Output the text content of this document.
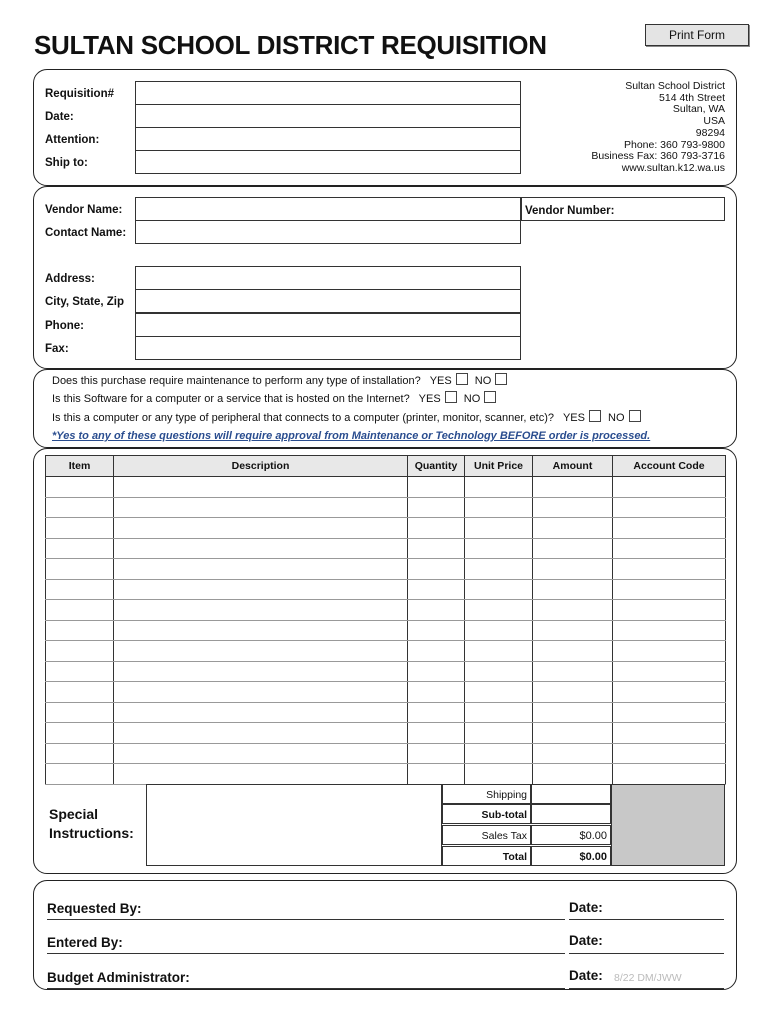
SULTAN SCHOOL DISTRICT REQUISITION	Print Form
Requisition#
Date:
Attention:
Ship to:
Sultan School District
514 4th Street
Sultan, WA
USA
98294
Phone: 360 793-9800
Business Fax: 360 793-3716
www.sultan.k12.wa.us
Vendor Name:	Vendor Number:
Contact Name:
Address:
City, State, Zip
Phone:
Fax:
Does this purchase require maintenance to perform any type of installation? YES NO
Is this Software for a computer or a service that is hosted on the Internet? YES NO
Is this a computer or any type of peripheral that connects to a computer (printer, monitor, scanner, etc)? YES NO
*Yes to any of these questions will require approval from Maintenance or Technology BEFORE order is processed.
Item	Description	Quantity	Unit Price	Amount	Account Code

Special
Instructions:
Shipping
Sub-total
Sales Tax	$0.00
Total	$0.00
Requested By:	Date:
Entered By:	Date:
Budget Administrator:	Date: 8/22 DM/JWW
